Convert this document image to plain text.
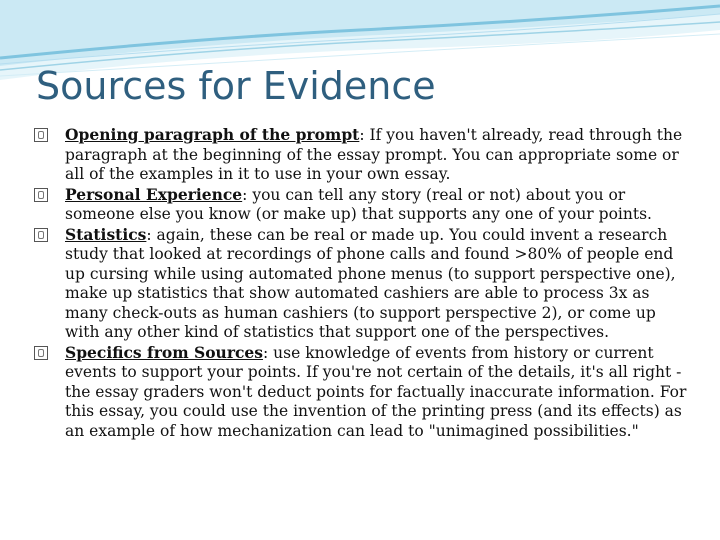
Sources for Evidence
Opening paragraph of the prompt: If you haven't already, read through the paragraph at the beginning of the essay prompt. You can appropriate some or all of the examples in it to use in your own essay.
Personal Experience: you can tell any story (real or not) about you or someone else you know (or make up) that supports any one of your points.
Statistics: again, these can be real or made up. You could invent a research study that looked at recordings of phone calls and found >80% of people end up cursing while using automated phone menus (to support perspective one), make up statistics that show automated cashiers are able to process 3x as many check-outs as human cashiers (to support perspective 2), or come up with any other kind of statistics that support one of the perspectives.
Specifics from Sources: use knowledge of events from history or current events to support your points. If you're not certain of the details, it's all right - the essay graders won't deduct points for factually inaccurate information. For this essay, you could use the invention of the printing press (and its effects) as an example of how mechanization can lead to "unimagined possibilities."
